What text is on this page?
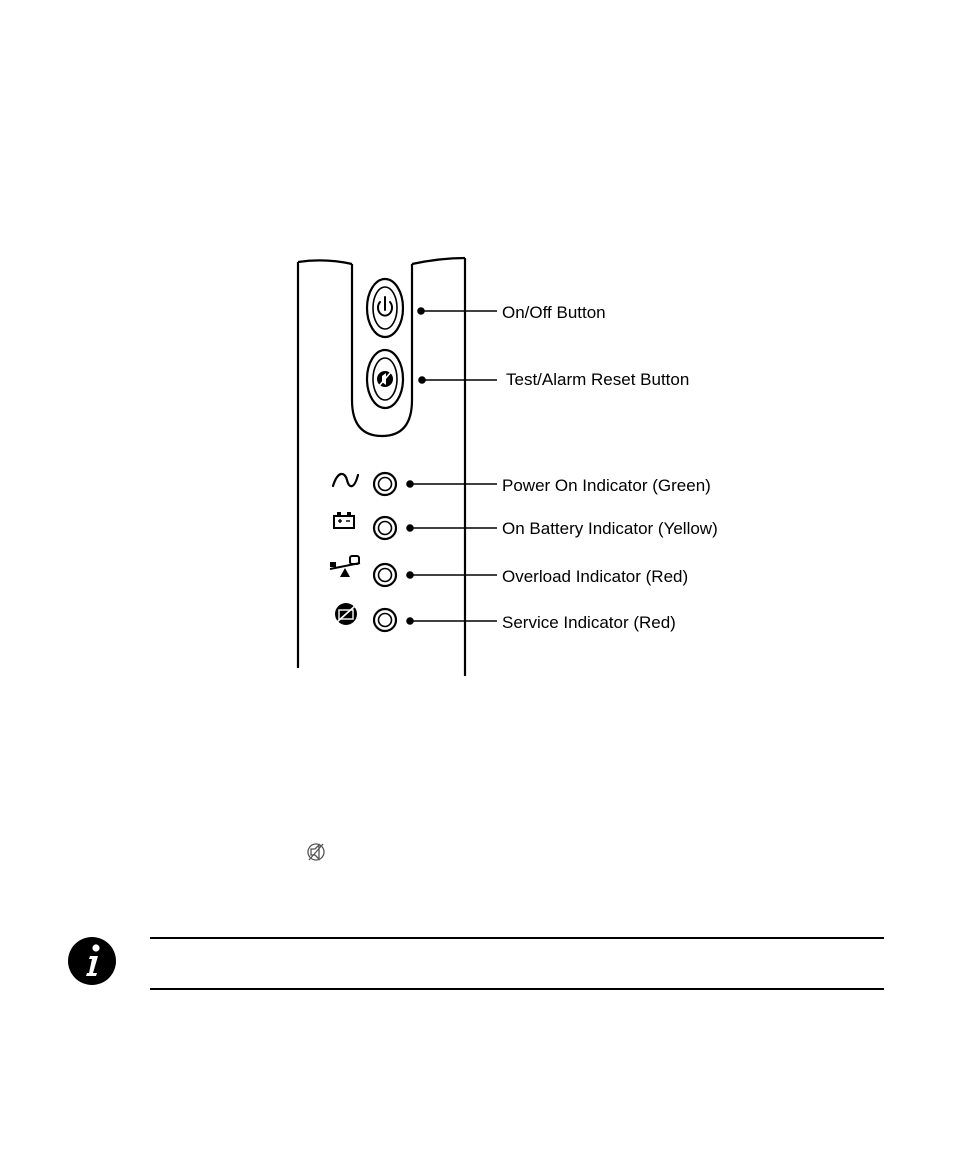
On/Off Button
Test/Alarm Reset Button
Power On Indicator (Green)
On Battery Indicator (Yellow)
Overload Indicator (Red)
Service Indicator (Red)
